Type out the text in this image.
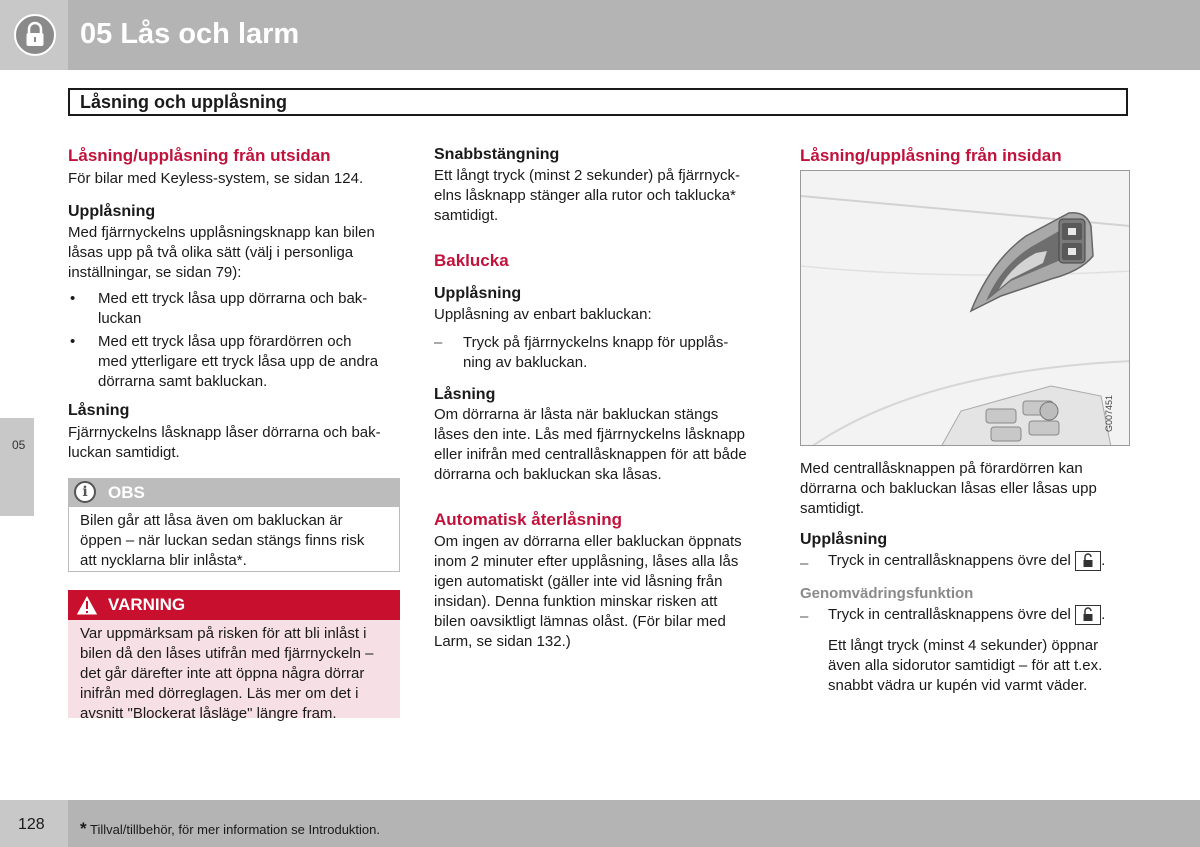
05 Lås och larm
Låsning och upplåsning
05
Låsning/upplåsning från utsidan
För bilar med Keyless-system, se sidan 124.
Upplåsning
Med fjärrnyckelns upplåsningsknapp kan bilen
låsas upp på två olika sätt (välj i personliga
inställningar, se sidan 79):
• Med ett tryck låsa upp dörrarna och bak-
luckan
• Med ett tryck låsa upp förardörren och
med ytterligare ett tryck låsa upp de andra
dörrarna samt bakluckan.
Låsning
Fjärrnyckelns låsknapp låser dörrarna och bak-
luckan samtidigt.
i	OBS
Bilen går att låsa även om bakluckan är
öppen – när luckan sedan stängs finns risk
att nycklarna blir inlåsta*.
VARNING
Var uppmärksam på risken för att bli inlåst i
bilen då den låses utifrån med fjärrnyckeln –
det går därefter inte att öppna några dörrar
inifrån med dörreglagen. Läs mer om det i
avsnitt "Blockerat låsläge" längre fram.
Snabbstängning
Ett långt tryck (minst 2 sekunder) på fjärrnyck-
elns låsknapp stänger alla rutor och taklucka*
samtidigt.
Baklucka
Upplåsning
Upplåsning av enbart bakluckan:
– Tryck på fjärrnyckelns knapp för upplås-
ning av bakluckan.
Låsning
Om dörrarna är låsta när bakluckan stängs
låses den inte. Lås med fjärrnyckelns låsknapp
eller inifrån med centrallåsknappen för att både
dörrarna och bakluckan ska låsas.
Automatisk återlåsning
Om ingen av dörrarna eller bakluckan öppnats
inom 2 minuter efter upplåsning, låses alla lås
igen automatiskt (gäller inte vid låsning från
insidan). Denna funktion minskar risken att
bilen oavsiktligt lämnas olåst. (För bilar med
Larm, se sidan 132.)
Låsning/upplåsning från insidan
G007451
Med centrallåsknappen på förardörren kan
dörrarna och bakluckan låsas eller låsas upp
samtidigt.
Upplåsning
– Tryck in centrallåsknappens övre del .
Genomvädringsfunktion
– Tryck in centrallåsknappens övre del .
Ett långt tryck (minst 4 sekunder) öppnar
även alla sidorutor samtidigt – för att t.ex.
snabbt vädra ur kupén vid varmt väder.
128 * Tillval/tillbehör, för mer information se Introduktion.
